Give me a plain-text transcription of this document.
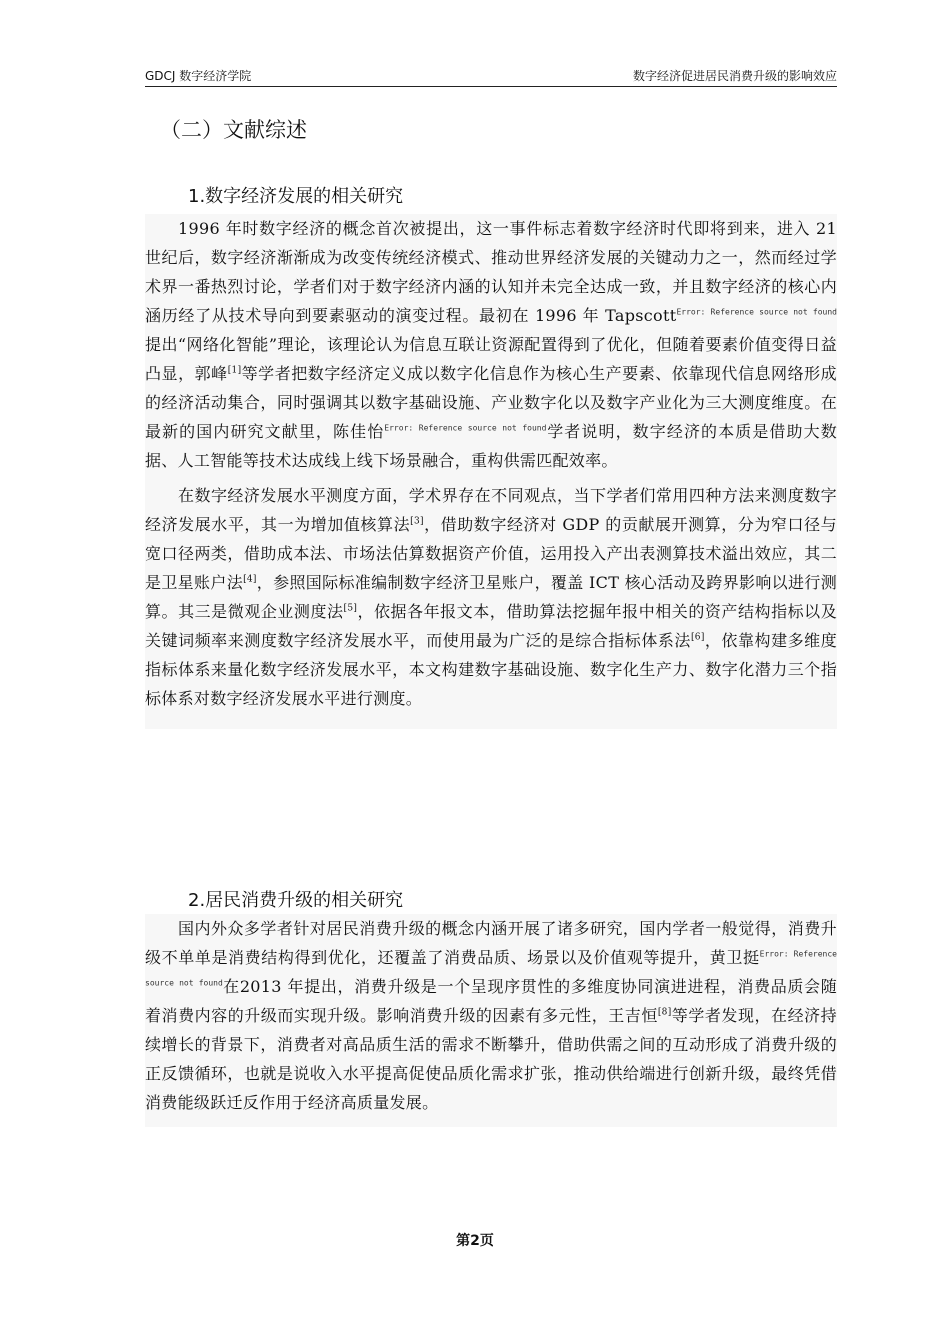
GDCJ 数字经济学院	数字经济促进居民消费升级的影响效应
（二）文献综述
1.数字经济发展的相关研究

1996 年时数字经济的概念首次被提出，这一事件标志着数字经济时代即将到来，进入 21 世纪后，数字经济渐渐成为改变传统经济模式、推动世界经济发展的关键动力之一，然而经过学术界一番热烈讨论，学者们对于数字经济内涵的认知并未完全达成一致，并且数字经济的核心内涵历经了从技术导向到要素驱动的演变过程。最初在 1996 年 Tapscott$^{Error: Reference source not found}$提出“网络化智能”理论，该理论认为信息互联让资源配置得到了优化，但随着要素价值变得日益凸显，郭峰[1]等学者把数字经济定义成以数字化信息作为核心生产要素、依靠现代信息网络形成的经济活动集合，同时强调其以数字基础设施、产业数字化以及数字产业化为三大测度维度。在最新的国内研究文献里，陈佳怡$^{Error: Reference source not found}$学者说明，数字经济的本质是借助大数据、人工智能等技术达成线上线下场景融合，重构供需匹配效率。

在数字经济发展水平测度方面，学术界存在不同观点，当下学者们常用四种方法来测度数字经济发展水平，其一为增加值核算法[3]，借助数字经济对 GDP 的贡献展开测算，分为窄口径与宽口径两类，借助成本法、市场法估算数据资产价值，运用投入产出表测算技术溢出效应，其二是卫星账户法[4]，参照国际标准编制数字经济卫星账户，覆盖 ICT 核心活动及跨界影响以进行测算。其三是微观企业测度法[5]，依据各年报文本，借助算法挖掘年报中相关的资产结构指标以及关键词频率来测度数字经济发展水平，而使用最为广泛的是综合指标体系法[6]，依靠构建多维度指标体系来量化数字经济发展水平，本文构建数字基础设施、数字化生产力、数字化潜力三个指标体系对数字经济发展水平进行测度。

2.居民消费升级的相关研究

国内外众多学者针对居民消费升级的概念内涵开展了诸多研究，国内学者一般觉得，消费升级不单单是消费结构得到优化，还覆盖了消费品质、场景以及价值观等提升，黄卫挺$^{Error: Reference source not found}$在2013 年提出，消费升级是一个呈现序贯性的多维度协同演进进程，消费品质会随着消费内容的升级而实现升级。影响消费升级的因素有多元性，王吉恒[8]等学者发现，在经济持续增长的背景下，消费者对高品质生活的需求不断攀升，借助供需之间的互动形成了消费升级的正反馈循环，也就是说收入水平提高促使品质化需求扩张，推动供给端进行创新升级，最终凭借消费能级跃迁反作用于经济高质量发展。

第2页
